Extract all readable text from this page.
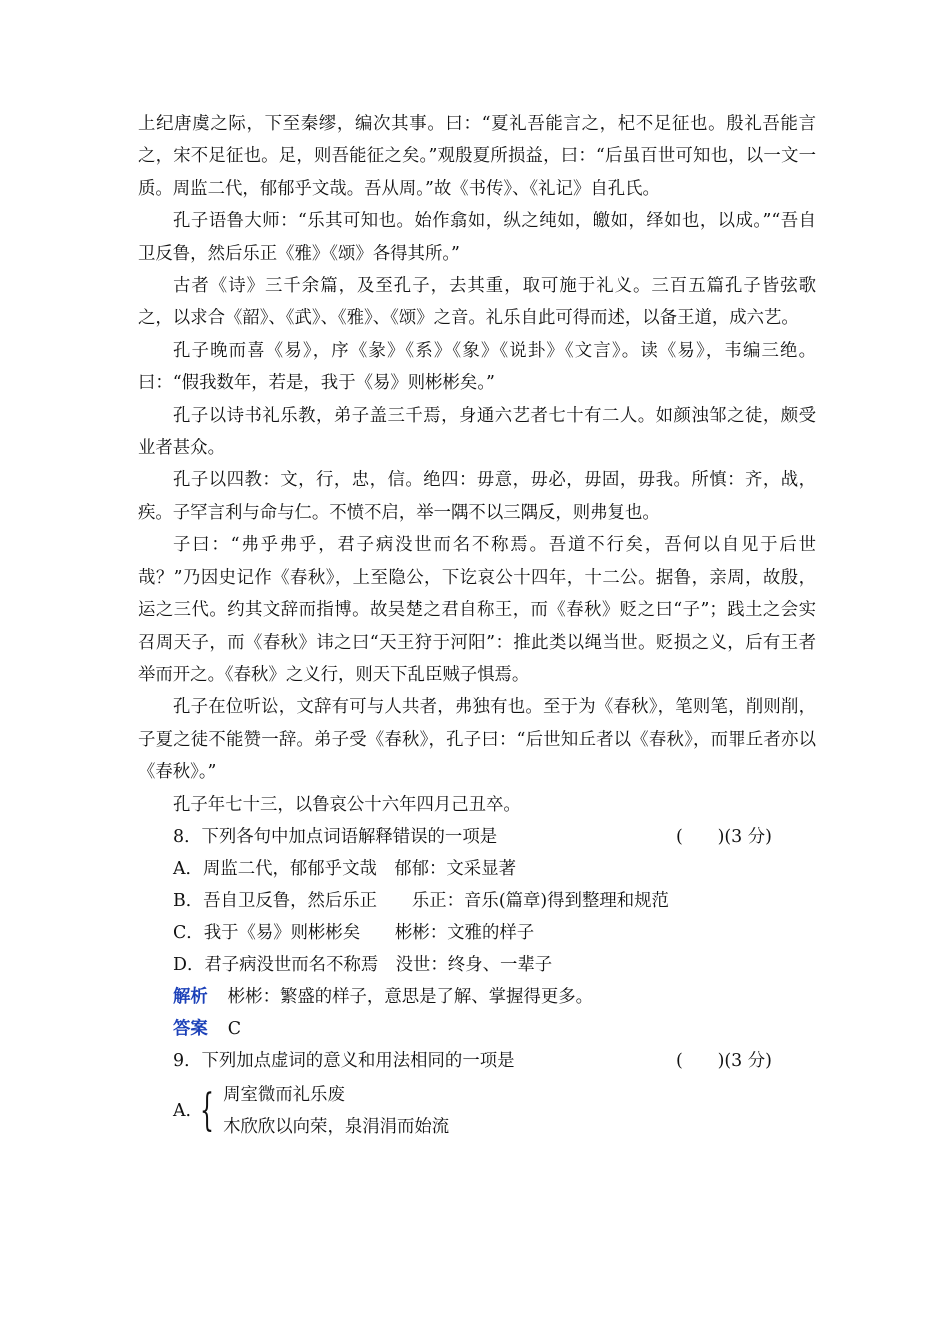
上纪唐虞之际，下至秦缪，编次其事。曰：“夏礼吾能言之，杞不足征也。殷礼吾能言之，宋不足征也。足，则吾能征之矣。”观殷夏所损益，曰：“后虽百世可知也，以一文一质。周监二代，郁郁乎文哉。吾从周。”故《书传》、《礼记》自孔氏。

孔子语鲁大师：“乐其可知也。始作翕如，纵之纯如，皦如，绎如也，以成。”“吾自卫反鲁，然后乐正《雅》《颂》各得其所。”

古者《诗》三千余篇，及至孔子，去其重，取可施于礼义。三百五篇孔子皆弦歌之，以求合《韶》、《武》、《雅》、《颂》之音。礼乐自此可得而述，以备王道，成六艺。

孔子晚而喜《易》，序《彖》《系》《象》《说卦》《文言》。读《易》，韦编三绝。曰：“假我数年，若是，我于《易》则彬彬矣。”

孔子以诗书礼乐教，弟子盖三千焉，身通六艺者七十有二人。如颜浊邹之徒，颇受业者甚众。

孔子以四教：文，行，忠，信。绝四：毋意，毋必，毋固，毋我。所慎：齐，战，疾。子罕言利与命与仁。不愤不启，举一隅不以三隅反，则弗复也。

子曰：“弗乎弗乎，君子病没世而名不称焉。吾道不行矣，吾何以自见于后世哉？”乃因史记作《春秋》，上至隐公，下讫哀公十四年，十二公。据鲁，亲周，故殷，运之三代。约其文辞而指博。故吴楚之君自称王，而《春秋》贬之曰“子”；践土之会实召周天子，而《春秋》讳之曰“天王狩于河阳”：推此类以绳当世。贬损之义，后有王者举而开之。《春秋》之义行，则天下乱臣贼子惧焉。

孔子在位听讼，文辞有可与人共者，弗独有也。至于为《春秋》，笔则笔，削则削，子夏之徒不能赞一辞。弟子受《春秋》，孔子曰：“后世知丘者以《春秋》，而罪丘者亦以《春秋》。”

孔子年七十三，以鲁哀公十六年四月己丑卒。

8．下列各句中加点词语解释错误的一项是	(　　)(3 分)

A．周监二代，郁郁乎文哉　郁郁：文采显著

B．吾自卫反鲁，然后乐正　　乐正：音乐(篇章)得到整理和规范

C．我于《易》则彬彬矣　　彬彬：文雅的样子

D．君子病没世而名不称焉　没世：终身、一辈子

解析 彬彬：繁盛的样子，意思是了解、掌握得更多。

答案 C

9．下列加点虚词的意义和用法相同的一项是	(　　)(3 分)
A. { 周室微而礼乐废
木欣欣以向荣，泉涓涓而始流
